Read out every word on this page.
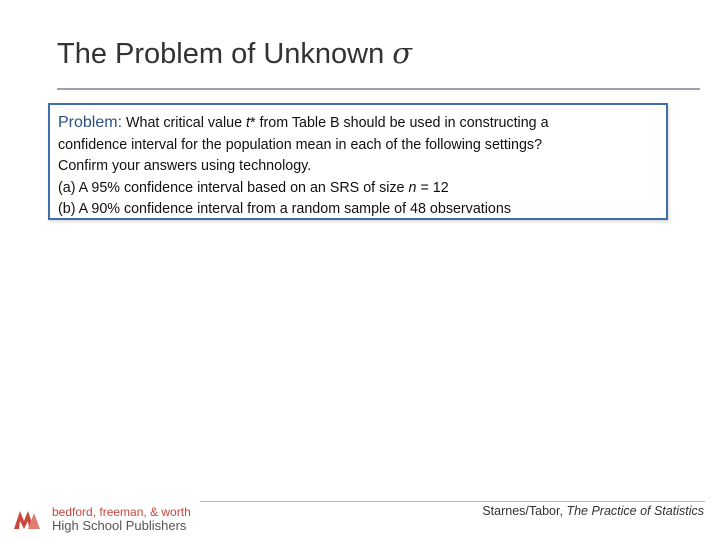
The Problem of Unknown σ

Problem: What critical value t* from Table B should be used in constructing a

confidence interval for the population mean in each of the following settings?

Confirm your answers using technology.

(a) A 95% confidence interval based on an SRS of size n = 12

(b) A 90% confidence interval from a random sample of 48 observations

bedford, freeman, & worth
High School Publishers
Starnes/Tabor, The Practice of Statistics
